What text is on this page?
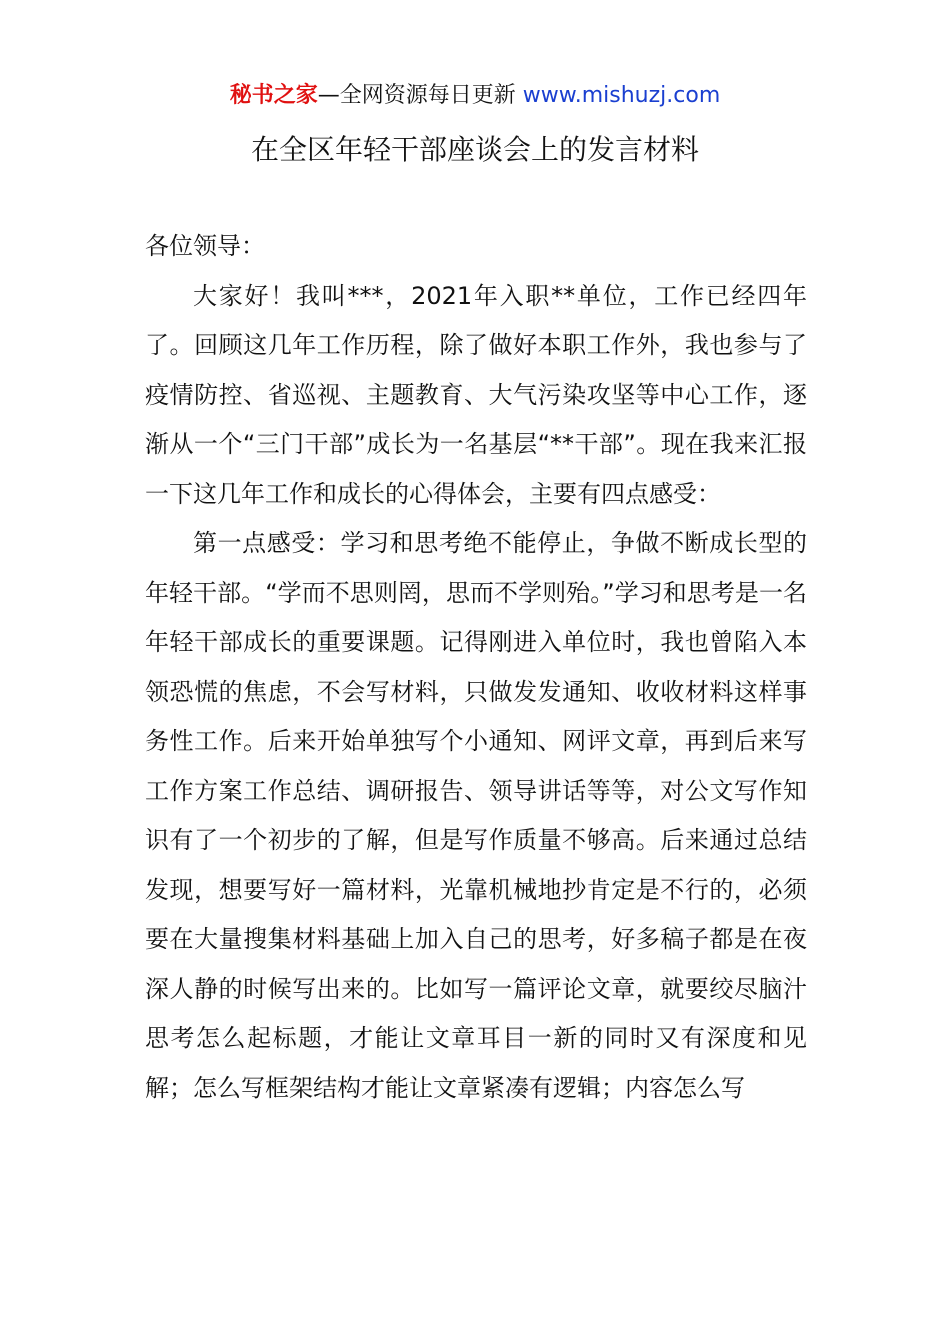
秘书之家—全网资源每日更新 www.mishuzj.com
在全区年轻干部座谈会上的发言材料

各位领导：

大家好！我叫***，2021年入职**单位，工作已经四年了。回顾这几年工作历程，除了做好本职工作外，我也参与了疫情防控、省巡视、主题教育、大气污染攻坚等中心工作，逐渐从一个“三门干部”成长为一名基层“**干部”。现在我来汇报一下这几年工作和成长的心得体会，主要有四点感受：

第一点感受：学习和思考绝不能停止，争做不断成长型的年轻干部。“学而不思则罔，思而不学则殆。”学习和思考是一名年轻干部成长的重要课题。记得刚进入单位时，我也曾陷入本领恐慌的焦虑，不会写材料，只做发发通知、收收材料这样事务性工作。后来开始单独写个小通知、网评文章，再到后来写工作方案工作总结、调研报告、领导讲话等等，对公文写作知识有了一个初步的了解，但是写作质量不够高。后来通过总结发现，想要写好一篇材料，光靠机械地抄肯定是不行的，必须要在大量搜集材料基础上加入自己的思考，好多稿子都是在夜深人静的时候写出来的。比如写一篇评论文章，就要绞尽脑汁思考怎么起标题，才能让文章耳目一新的同时又有深度和见解；怎么写框架结构才能让文章紧凑有逻辑；内容怎么写
